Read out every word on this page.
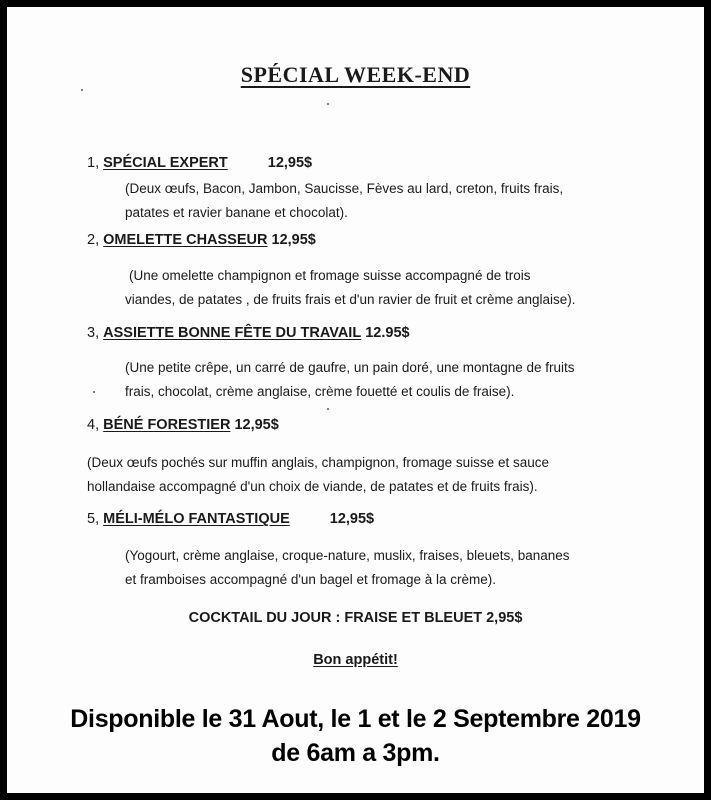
SPÉCIAL WEEK-END
1, SPÉCIAL EXPERT	12,95$
(Deux œufs, Bacon, Jambon, Saucisse, Fèves au lard, creton, fruits frais,
patates et ravier banane et chocolat).
2, OMELETTE CHASSEUR 12,95$
(Une omelette champignon et fromage suisse accompagné de trois
viandes, de patates , de fruits frais et d'un ravier de fruit et crème anglaise).
3, ASSIETTE BONNE FÊTE DU TRAVAIL 12.95$
(Une petite crêpe, un carré de gaufre, un pain doré, une montagne de fruits
frais, chocolat, crème anglaise, crème fouetté et coulis de fraise).
4, BÉNÉ FORESTIER 12,95$
(Deux œufs pochés sur muffin anglais, champignon, fromage suisse et sauce
hollandaise accompagné d'un choix de viande, de patates et de fruits frais).
5, MÉLI-MÉLO FANTASTIQUE	12,95$
(Yogourt, crème anglaise, croque-nature, muslix, fraises, bleuets, bananes
et framboises accompagné d'un bagel et fromage à la crème).
COCKTAIL DU JOUR : FRAISE ET BLEUET 2,95$
Bon appétit!
Disponible le 31 Aout, le 1 et le 2 Septembre 2019
de 6am a 3pm.
